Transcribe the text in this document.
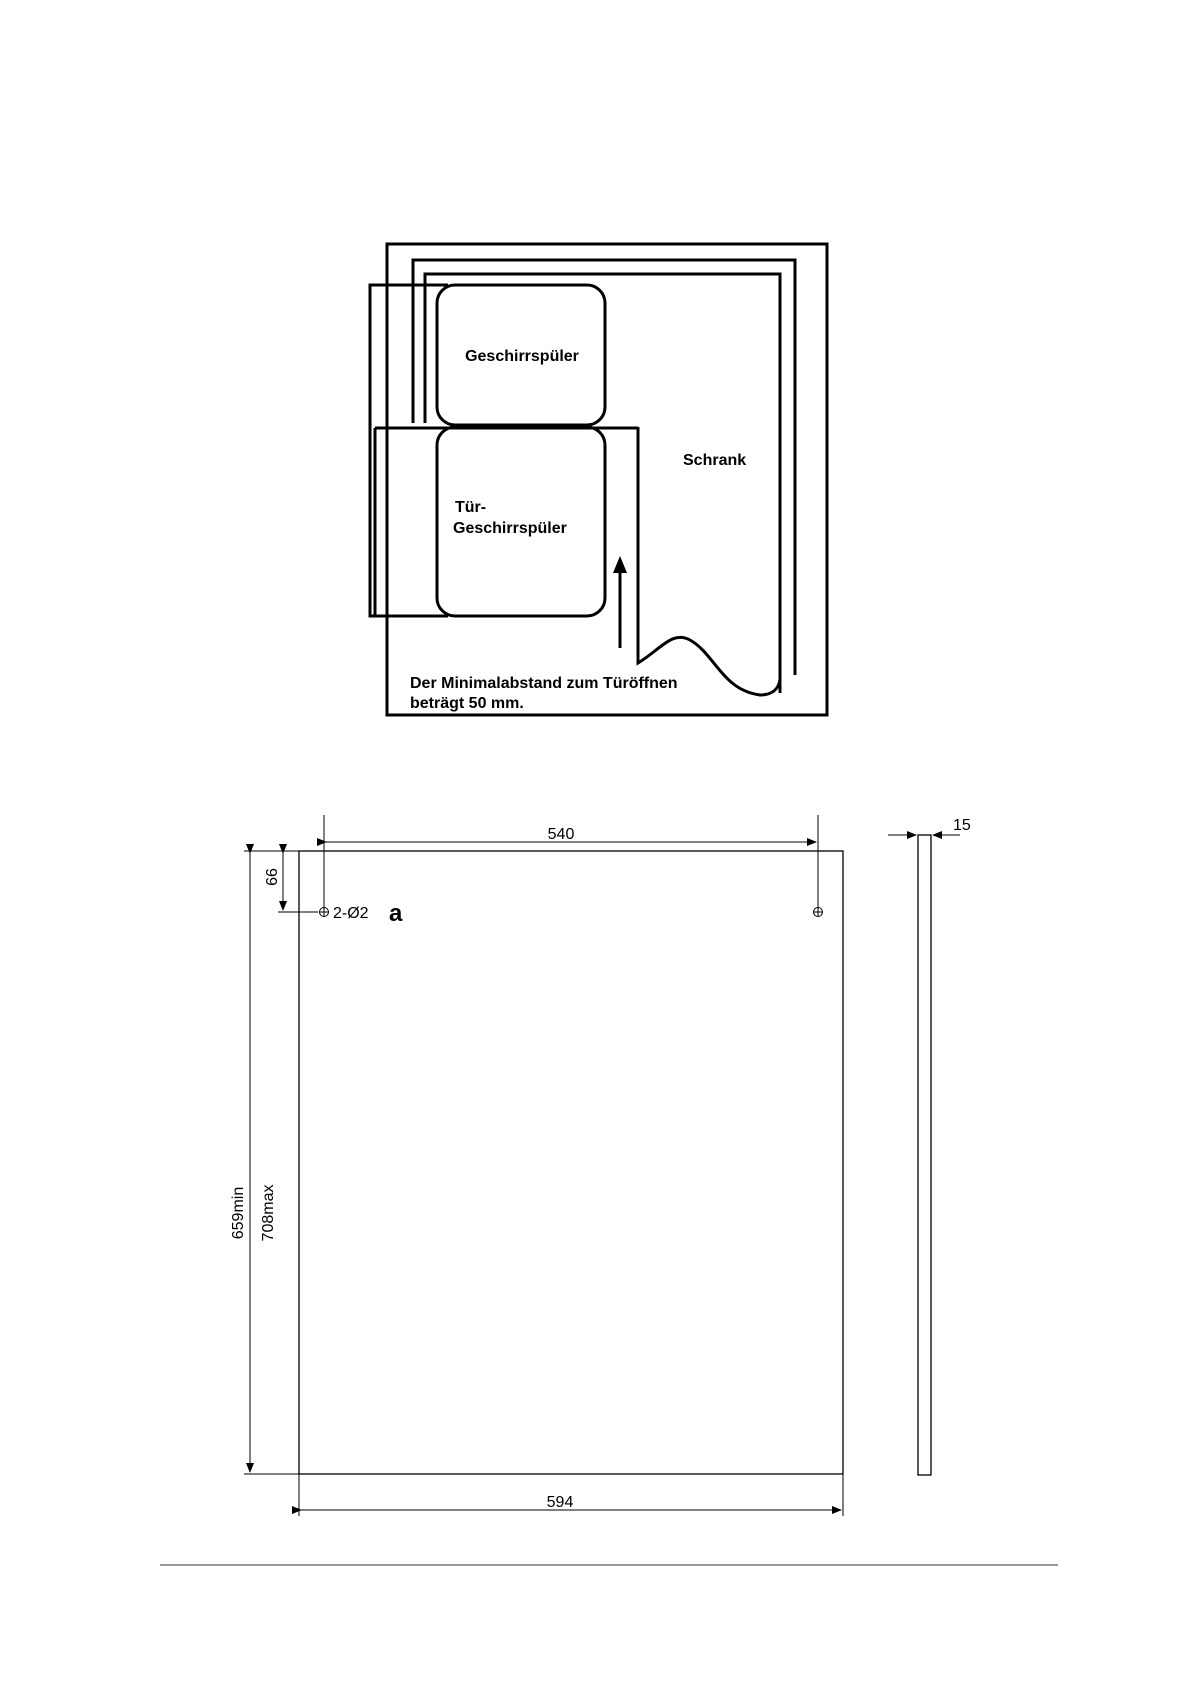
Geschirrspüler
Tür-
Geschirrspüler
Schrank
Der Minimalabstand zum Türöffnen
beträgt 50 mm.
540
66
2-Ø2 a
659min 708max
594
15
